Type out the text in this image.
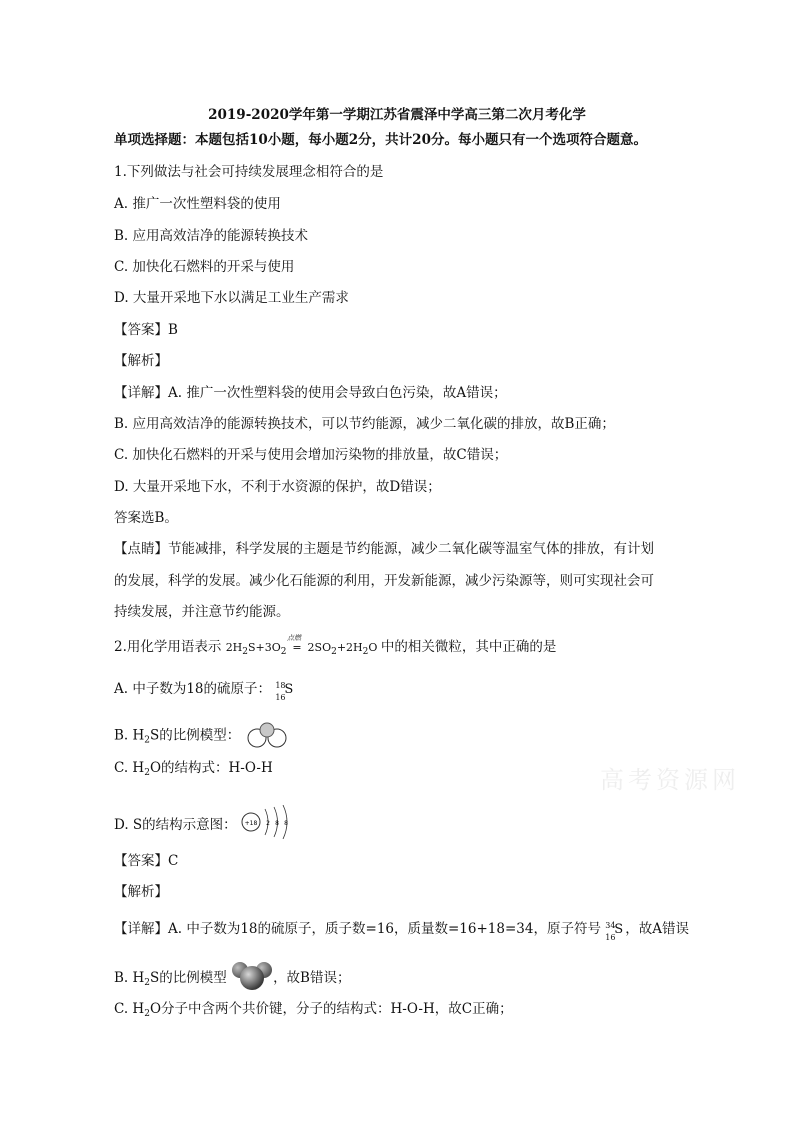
2019-2020学年第一学期江苏省震泽中学高三第二次月考化学
单项选择题：本题包括10小题，每小题2分，共计20分。每小题只有一个选项符合题意。
1.下列做法与社会可持续发展理念相符合的是
A. 推广一次性塑料袋的使用
B. 应用高效洁净的能源转换技术
C. 加快化石燃料的开采与使用
D. 大量开采地下水以满足工业生产需求
【答案】B
【解析】
【详解】A. 推广一次性塑料袋的使用会导致白色污染，故A错误；
B. 应用高效洁净的能源转换技术，可以节约能源，减少二氧化碳的排放，故B正确；
C. 加快化石燃料的开采与使用会增加污染物的排放量，故C错误；
D. 大量开采地下水，不利于水资源的保护，故D错误；
答案选B。
【点睛】节能减排，科学发展的主题是节约能源，减少二氧化碳等温室气体的排放，有计划
的发展，科学的发展。减少化石能源的利用，开发新能源，减少污染源等，则可实现社会可
持续发展，并注意节约能源。
2.用化学用语表示 $2H_2S+3O_2$
点燃
= $2SO_2+2H_2O$ 中的相关微粒，其中正确的是
A. 中子数为18的硫原子： 18
16
S
B. $H_2S$的比例模型：
C. $H_2O$的结构式：H-O-H
D. S的结构示意图： +18 2 8 8
【答案】C
【解析】
【详解】A. 中子数为18的硫原子，质子数=16，质量数=16+18=34，原子符号 34
16
S ，故A错误
B. $H_2S$的比例模型	，故B错误；
C. $H_2O$分子中含两个共价键，分子的结构式：H-O-H，故C正确；
高考资源网
